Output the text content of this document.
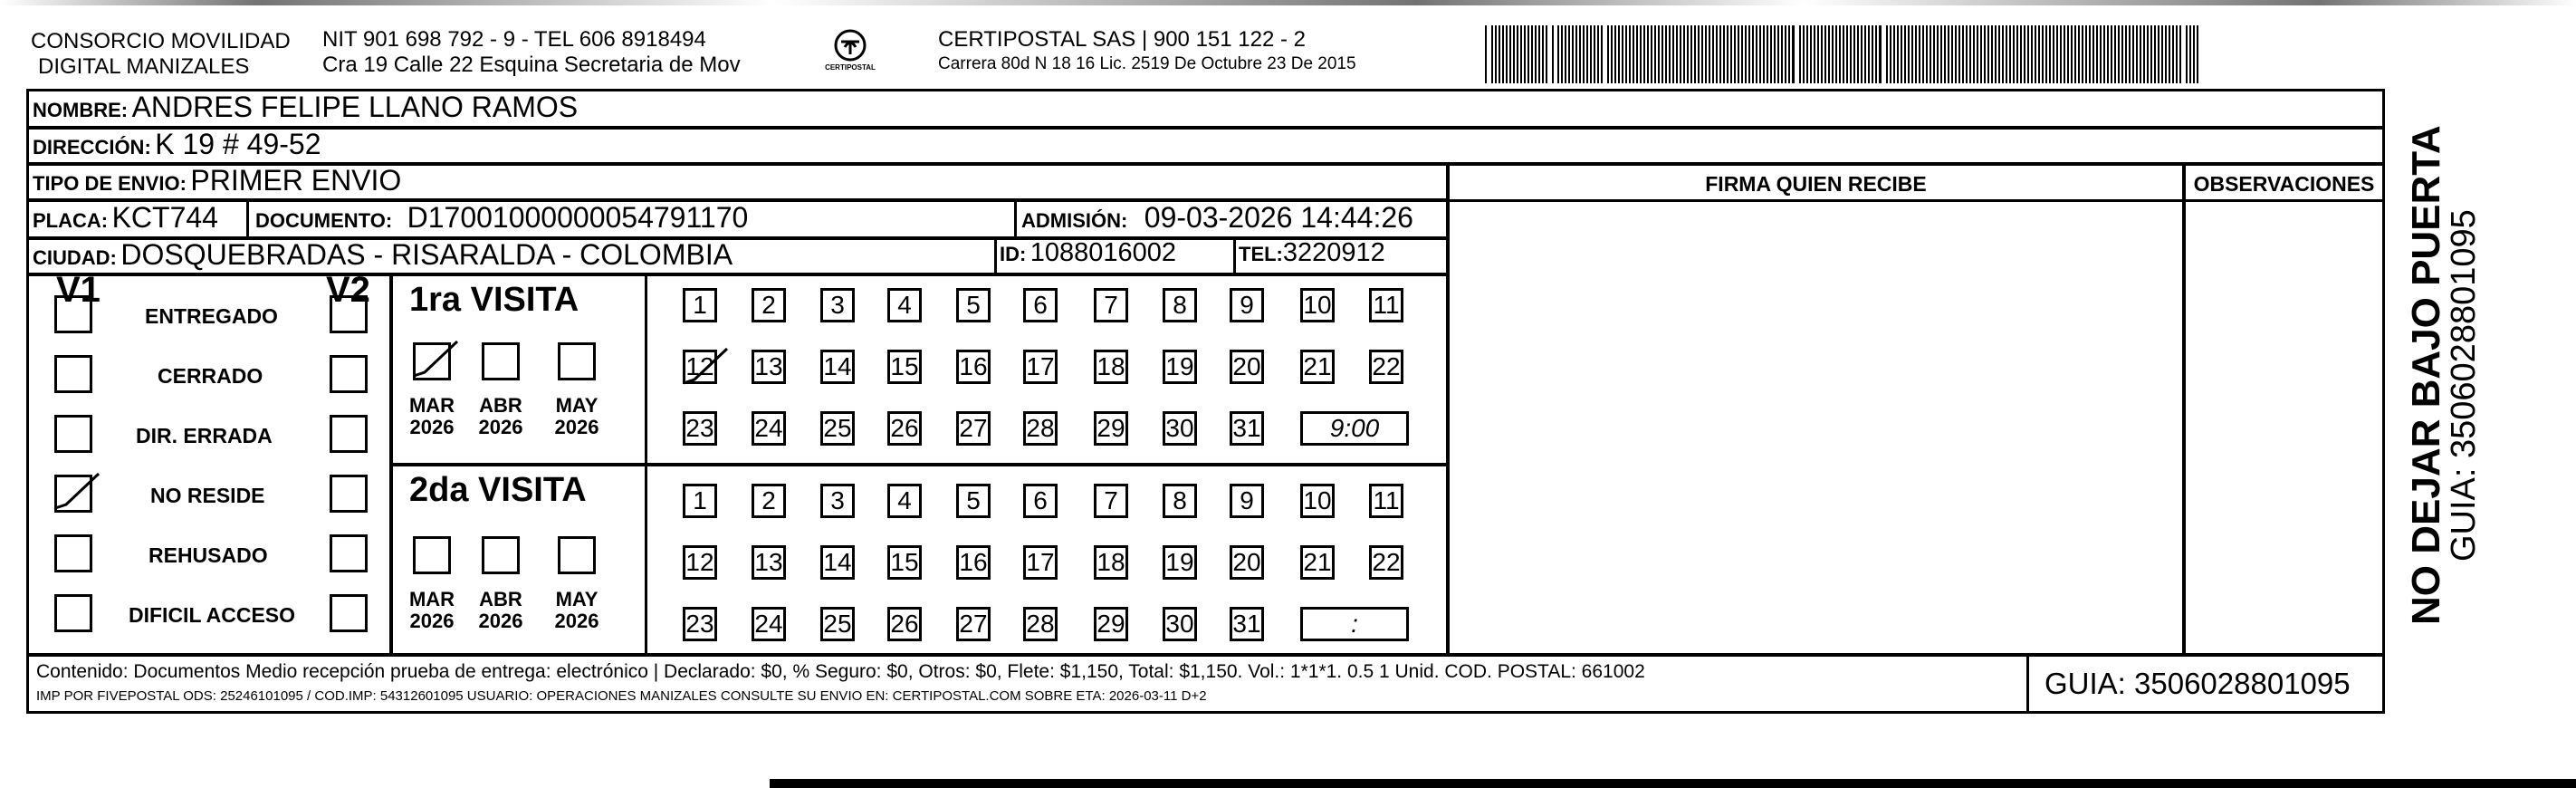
CONSORCIO MOVILIDAD
DIGITAL MANIZALES
NIT 901 698 792 - 9 - TEL 606 8918494
Cra 19 Calle 22 Esquina Secretaria de Mov	CERTIPOSTAL
CERTIPOSTAL SAS | 900 151 122 - 2
Carrera 80d N 18 16 Lic. 2519 De Octubre 23 De 2015
NOMBRE: ANDRES FELIPE LLANO RAMOS
DIRECCIÓN: K 19 # 49-52
TIPO DE ENVIO: PRIMER ENVIO	FIRMA QUIEN RECIBE	OBSERVACIONES
PLACA: KCT744 DOCUMENTO: D17001000000054791170	ADMISIÓN: 09-03-2026 14:44:26
CIUDAD: DOSQUEBRADAS - RISARALDA - COLOMBIA	ID: 1088016002	TEL:3220912
V1	V2 1ra VISITA
2da VISITA
Contenido: Documentos Medio recepción prueba de entrega: electrónico | Declarado: $0, % Seguro: $0, Otros: $0, Flete: $1,150, Total: $1,150. Vol.: 1*1*1. 0.5 1 Unid. COD. POSTAL: 661002
IMP POR FIVEPOSTAL ODS: 25246101095 / COD.IMP: 54312601095 USUARIO: OPERACIONES MANIZALES CONSULTE SU ENVIO EN: CERTIPOSTAL.COM SOBRE ETA: 2026-03-11 D+2	GUIA: 3506028801095
NO DEJAR BAJO PUERTA
GUIA: 3506028801095
ENTREGADO
CERRADO
DIR. ERRADA
NO RESIDE
REHUSADO
DIFICIL ACCESO
MAR
2026
ABR
2026
MAY
2026
MAR
2026
ABR
2026
MAY
2026
1	2	3	4	5	6	7	8	9	10 11
12 13 14 15 16 17 18 19 20 21 22
23 24 25 26 27 28 29 30 31	9:00
1	2	3	4	5	6	7	8	9	10 11
12 13 14 15 16 17 18 19 20 21 22
23 24 25 26 27 28 29 30 31	:
